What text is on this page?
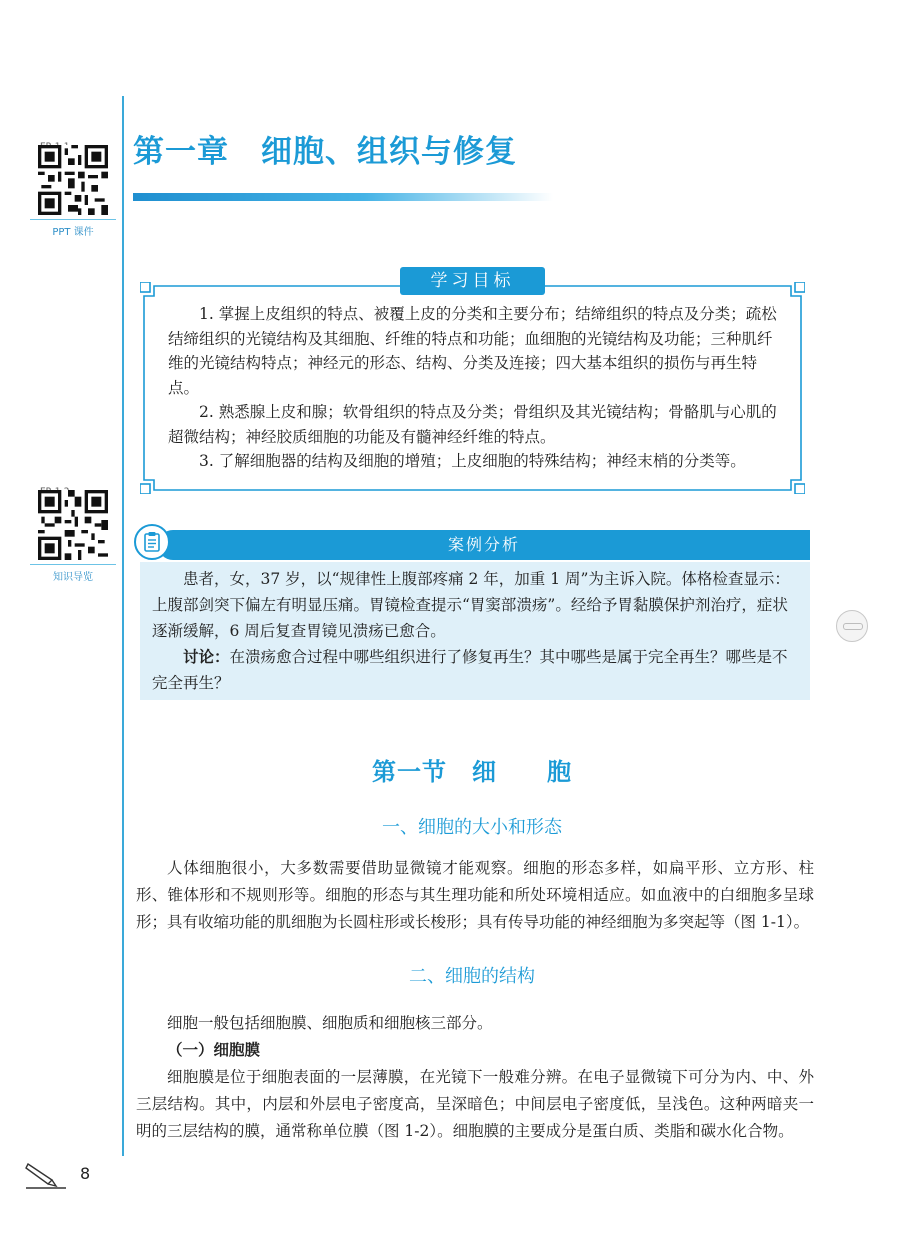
PPT 课件
知识导览
第一章　细胞、组织与修复
学习目标

1. 掌握上皮组织的特点、被覆上皮的分类和主要分布；结缔组织的特点及分类；疏松结缔组织的光镜结构及其细胞、纤维的特点和功能；血细胞的光镜结构及功能；三种肌纤维的光镜结构特点；神经元的形态、结构、分类及连接；四大基本组织的损伤与再生特点。

2. 熟悉腺上皮和腺；软骨组织的特点及分类；骨组织及其光镜结构；骨骼肌与心肌的超微结构；神经胶质细胞的功能及有髓神经纤维的特点。

3. 了解细胞器的结构及细胞的增殖；上皮细胞的特殊结构；神经末梢的分类等。

患者，女，37 岁，以“规律性上腹部疼痛 2 年，加重 1 周”为主诉入院。体格检查显示：上腹部剑突下偏左有明显压痛。胃镜检查提示“胃窦部溃疡”。经给予胃黏膜保护剂治疗，症状逐渐缓解，6 周后复查胃镜见溃疡已愈合。

讨论：在溃疡愈合过程中哪些组织进行了修复再生？其中哪些是属于完全再生？哪些是不完全再生？

案例分析
第一节　细　　胞
一、细胞的大小和形态

人体细胞很小，大多数需要借助显微镜才能观察。细胞的形态多样，如扁平形、立方形、柱形、锥体形和不规则形等。细胞的形态与其生理功能和所处环境相适应。如血液中的白细胞多呈球形；具有收缩功能的肌细胞为长圆柱形或长梭形；具有传导功能的神经细胞为多突起等（图 1-1）。

二、细胞的结构

细胞一般包括细胞膜、细胞质和细胞核三部分。

（一）细胞膜

细胞膜是位于细胞表面的一层薄膜，在光镜下一般难分辨。在电子显微镜下可分为内、中、外三层结构。其中，内层和外层电子密度高，呈深暗色；中间层电子密度低，呈浅色。这种两暗夹一明的三层结构的膜，通常称单位膜（图 1-2）。细胞膜的主要成分是蛋白质、类脂和碳水化合物。

8
